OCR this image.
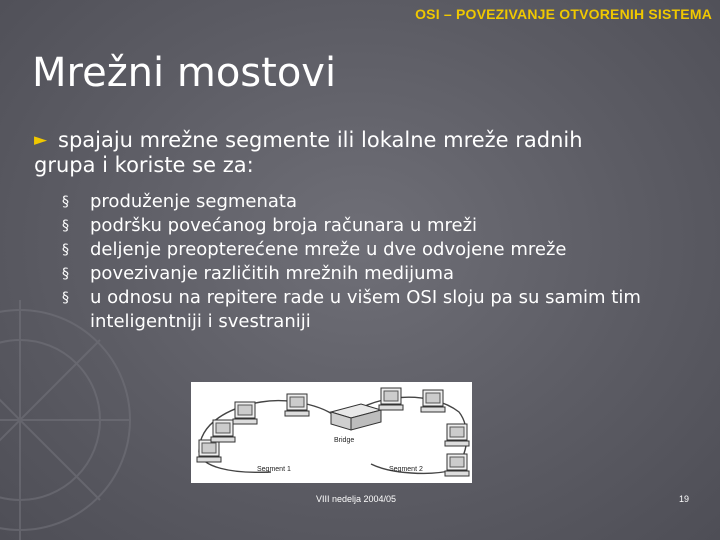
OSI – POVEZIVANJE OTVORENIH SISTEMA
Mrežni mostovi
► spajaju mrežne segmente ili lokalne mreže radnih
grupa i koriste se za:
§ produženje segmenata
§ podršku povećanog broja računara u mreži
§ deljenje preopterećene mreže u dve odvojene mreže
§ povezivanje različitih mrežnih medijuma
§ u odnosu na repitere rade u višem OSI sloju pa su samim tim inteligentniji i svestraniji
Bridge
Segment 1	Segment 2
VIII nedelja 2004/05	19
